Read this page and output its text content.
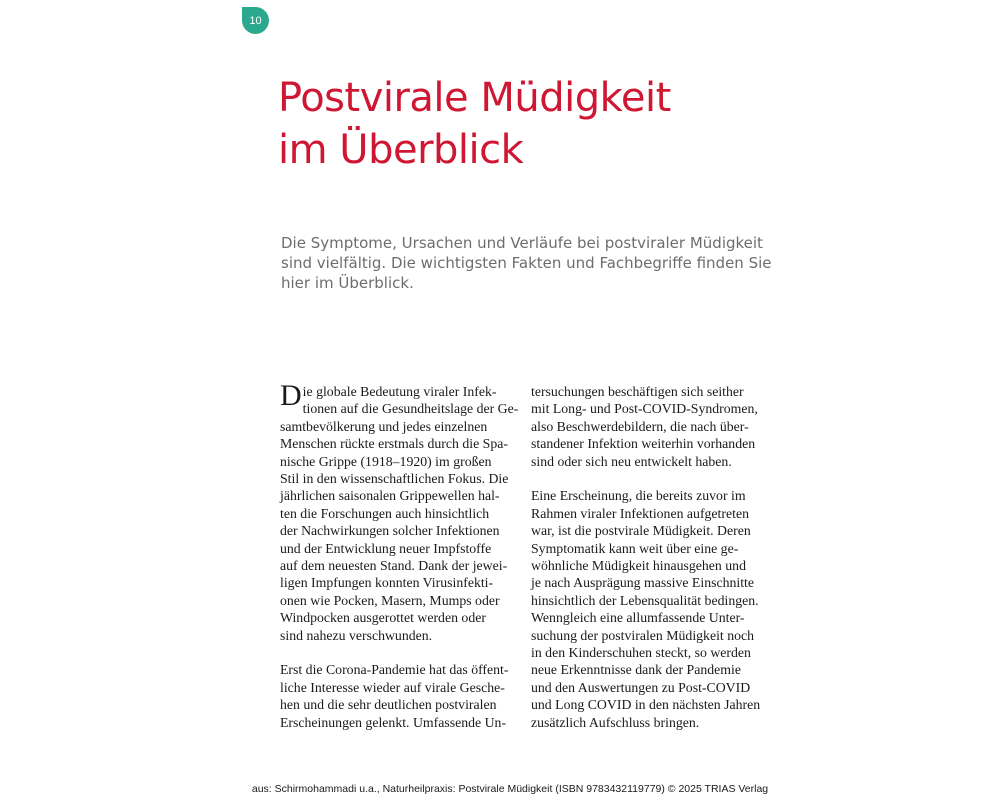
10
Postvirale Müdigkeit
im Überblick

Die Symptome, Ursachen und Verläufe bei postviraler Müdigkeit
sind vielfältig. Die wichtigsten Fakten und Fachbegriffe finden Sie
hier im Überblick.

D ie globale Bedeutung viraler Infek-
tionen auf die Gesundheitslage der Ge-
samtbevölkerung und jedes einzelnen
Menschen rückte erstmals durch die Spa-
nische Grippe (1918–1920) im großen
Stil in den wissenschaftlichen Fokus. Die
jährlichen saisonalen Grippewellen hal-
ten die Forschungen auch hinsichtlich
der Nachwirkungen solcher Infektionen
und der Entwicklung neuer Impfstoffe
auf dem neuesten Stand. Dank der jewei-
ligen Impfungen konnten Virusinfekti-
onen wie Pocken, Masern, Mumps oder
Windpocken ausgerottet werden oder
sind nahezu verschwunden.
Erst die Corona-Pandemie hat das öffent-
liche Interesse wieder auf virale Gesche-
hen und die sehr deutlichen postviralen
Erscheinungen gelenkt. Umfassende Un-
tersuchungen beschäftigen sich seither
mit Long- und Post-COVID-Syndromen,
also Beschwerdebildern, die nach über-
standener Infektion weiterhin vorhanden
sind oder sich neu entwickelt haben.
Eine Erscheinung, die bereits zuvor im
Rahmen viraler Infektionen aufgetreten
war, ist die postvirale Müdigkeit. Deren
Symptomatik kann weit über eine ge-
wöhnliche Müdigkeit hinausgehen und
je nach Ausprägung massive Einschnitte
hinsichtlich der Lebensqualität bedingen.
Wenngleich eine allumfassende Unter-
suchung der postviralen Müdigkeit noch
in den Kinderschuhen steckt, so werden
neue Erkenntnisse dank der Pandemie
und den Auswertungen zu Post-COVID
und Long COVID in den nächsten Jahren
zusätzlich Aufschluss bringen.
aus: Schirmohammadi u.a., Naturheilpraxis: Postvirale Müdigkeit (ISBN 9783432119779) © 2025 TRIAS Verlag
